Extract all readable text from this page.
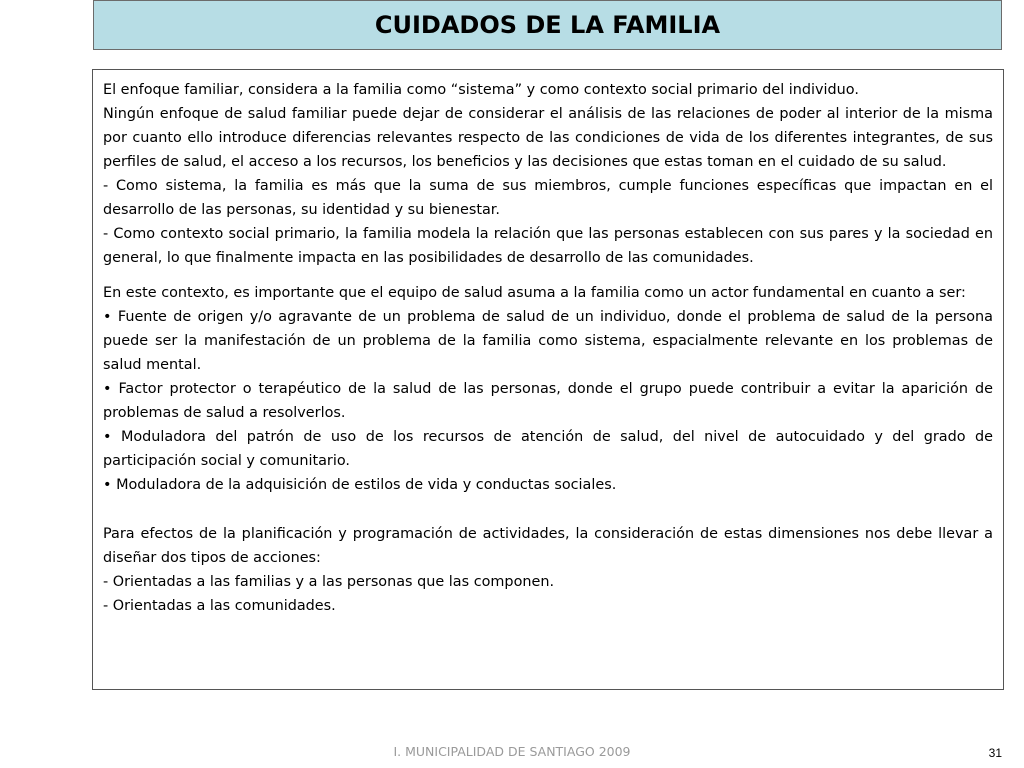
CUIDADOS DE LA FAMILIA

El enfoque familiar, considera a la familia como “sistema” y como contexto social primario del individuo.

Ningún enfoque de salud familiar puede dejar de considerar el análisis de las relaciones de poder al interior de la misma por cuanto ello introduce diferencias relevantes respecto de las condiciones de vida de los diferentes integrantes, de sus perfiles de salud, el acceso a los recursos, los beneficios y las decisiones que estas toman en el cuidado de su salud.

- Como sistema, la familia es más que la suma de sus miembros, cumple funciones específicas que impactan en el desarrollo de las personas, su identidad y su bienestar.

- Como contexto social primario, la familia modela la relación que las personas establecen con sus pares y la sociedad en general, lo que finalmente impacta en las posibilidades de desarrollo de las comunidades.

En este contexto, es importante que el equipo de salud asuma a la familia como un actor fundamental en cuanto a ser:

• Fuente de origen y/o agravante de un problema de salud de un individuo, donde el problema de salud de la persona puede ser la manifestación de un problema de la familia como sistema, espacialmente relevante en los problemas de salud mental.

• Factor protector o terapéutico de la salud de las personas, donde el grupo puede contribuir a evitar la aparición de problemas de salud a resolverlos.

• Moduladora del patrón de uso de los recursos de atención de salud, del nivel de autocuidado y del grado de participación social y comunitario.

• Moduladora de la adquisición de estilos de vida y conductas sociales.

Para efectos de la planificación y programación de actividades, la consideración de estas dimensiones nos debe llevar a diseñar dos tipos de acciones:

- Orientadas a las familias y a las personas que las componen.

- Orientadas a las comunidades.

I. MUNICIPALIDAD DE SANTIAGO 2009	31
